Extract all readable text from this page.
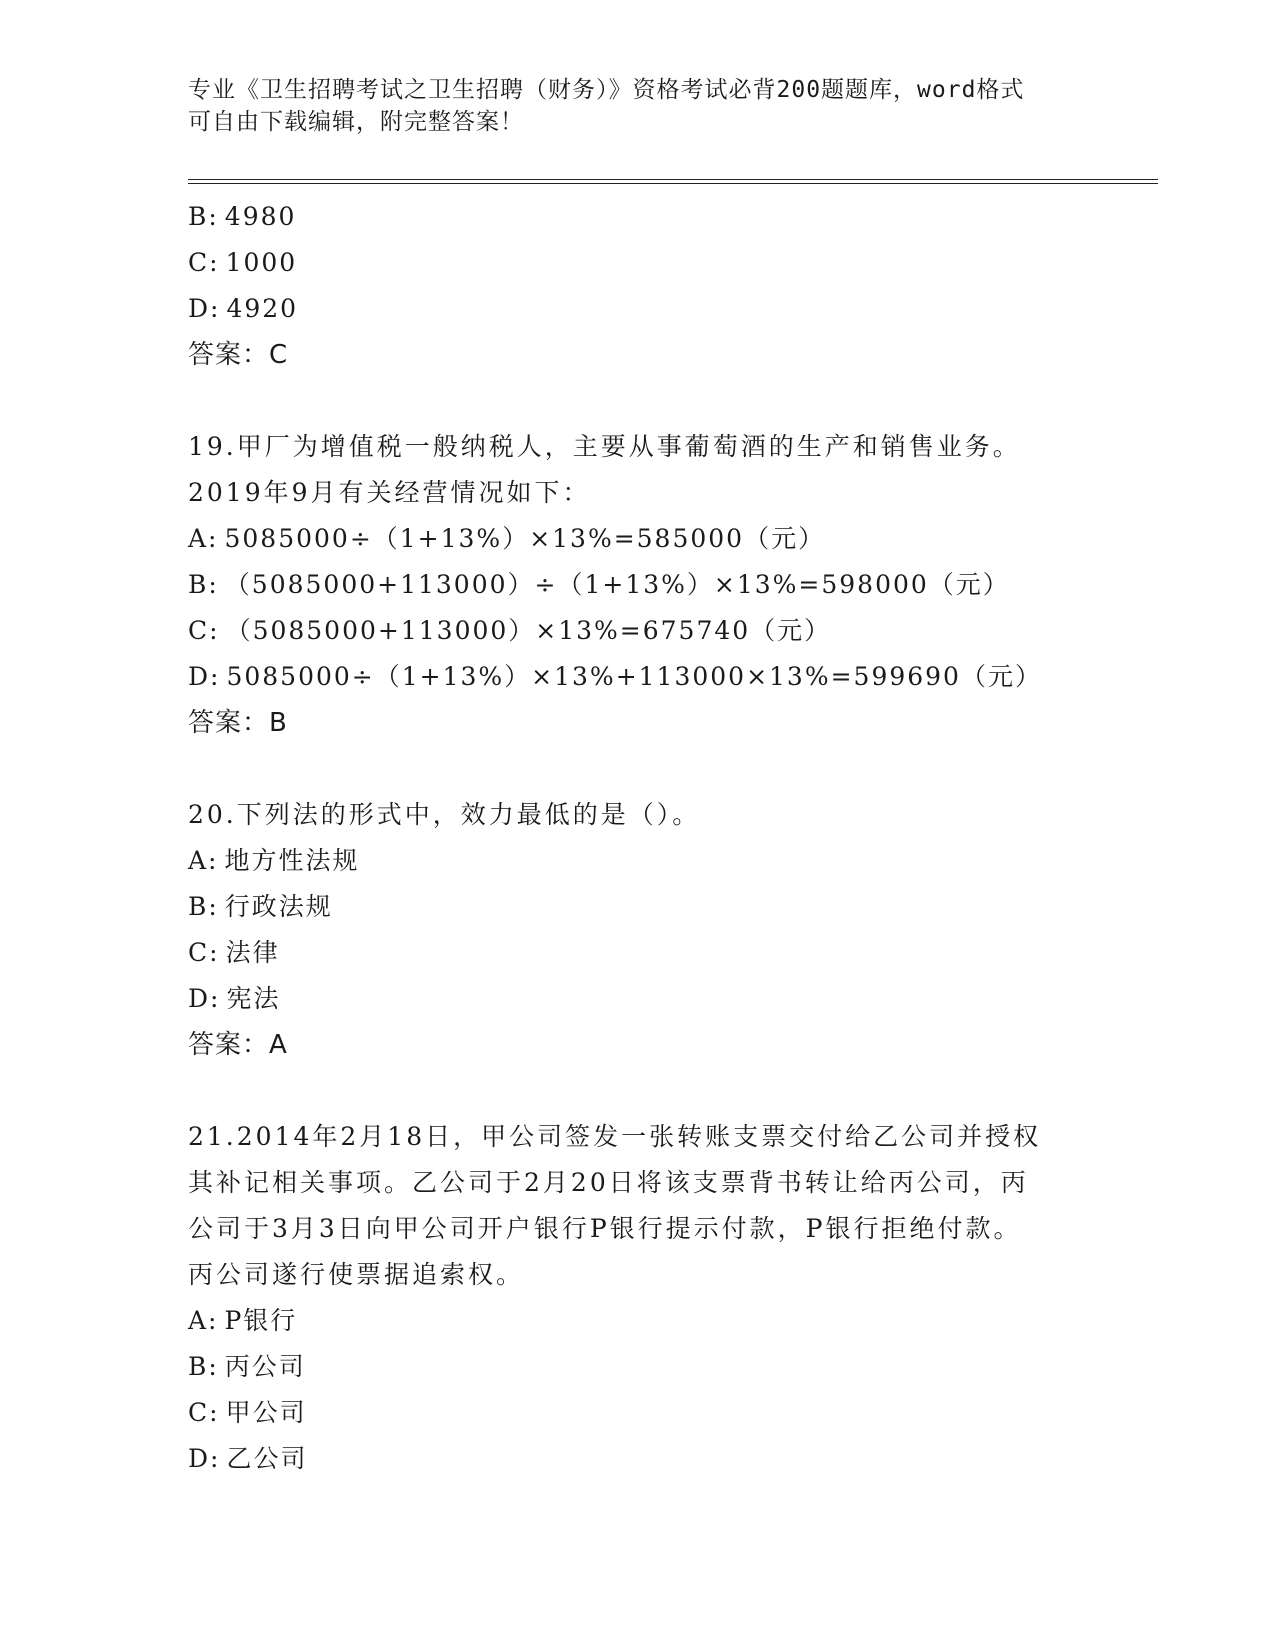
专业《卫生招聘考试之卫生招聘（财务）》资格考试必背200题题库，word格式
可自由下载编辑，附完整答案！
B: 4980
C: 1000
D: 4920
答案：C
19.甲厂为增值税一般纳税人，主要从事葡萄酒的生产和销售业务。
2019年9月有关经营情况如下：
A: 5085000÷（1+13%）×13%=585000（元）
B: （5085000+113000）÷（1+13%）×13%=598000（元）
C: （5085000+113000）×13%=675740（元）
D: 5085000÷（1+13%）×13%+113000×13%=599690（元）
答案：B
20.下列法的形式中，效力最低的是（）。
A: 地方性法规
B: 行政法规
C: 法律
D: 宪法
答案：A
21.2014年2月18日，甲公司签发一张转账支票交付给乙公司并授权
其补记相关事项。乙公司于2月20日将该支票背书转让给丙公司，丙
公司于3月3日向甲公司开户银行P银行提示付款，P银行拒绝付款。
丙公司遂行使票据追索权。
A: P银行
B: 丙公司
C: 甲公司
D: 乙公司
